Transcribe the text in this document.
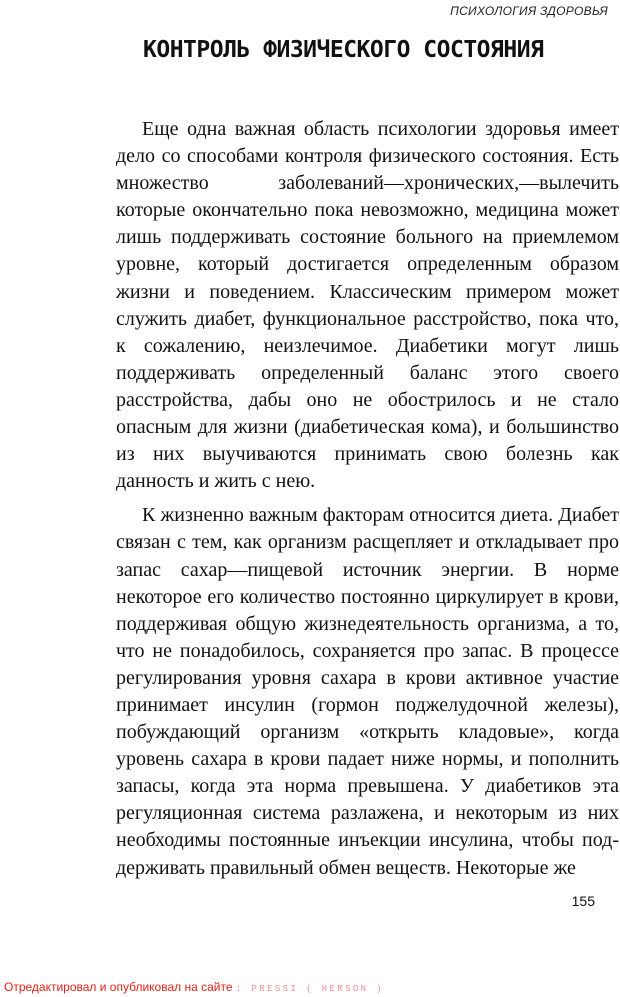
ПСИХОЛОГИЯ ЗДОРОВЬЯ
КОНТРОЛЬ ФИЗИЧЕСКОГО СОСТОЯНИЯ

Еще одна важная область психологии здоровья имеет дело со способами контроля физического состояния. Есть множество заболеваний—хронических,—вылечить которые окончательно пока невозможно, медицина может лишь поддерживать состояние больного на приемлемом уровне, который достигается определенным образом жизни и поведением. Классическим примером может служить диабет, функциональное расстройство, пока что, к сожалению, неизлечимое. Диабетики могут лишь поддерживать определенный баланс этого своего расстройства, дабы оно не обострилось и не стало опасным для жизни (диабетическая кома), и большинство из них выучиваются принимать свою болезнь как данность и жить с нею.

К жизненно важным факторам относится диета. Диабет связан с тем, как организм расщепляет и откладывает про запас сахар—пищевой источник энергии. В норме некоторое его количество постоянно циркулирует в крови, поддерживая общую жизнедеятельность организма, а то, что не понадобилось, сохраняется про запас. В процессе регулирования уровня сахара в крови активное участие принимает инсулин (гормон поджелудочной железы), побуждающий организм «открыть кладовые», когда уровень сахара в крови падает ниже нормы, и пополнить запасы, когда эта норма превышена. У диабетиков эта регуляционная система разлажена, и некоторым из них необходимы постоянные инъекции инсулина, чтобы поддерживать правильный обмен веществ. Некоторые же

155
Отредактировал и опубликовал на сайте : PRESSI ( HERSON )
